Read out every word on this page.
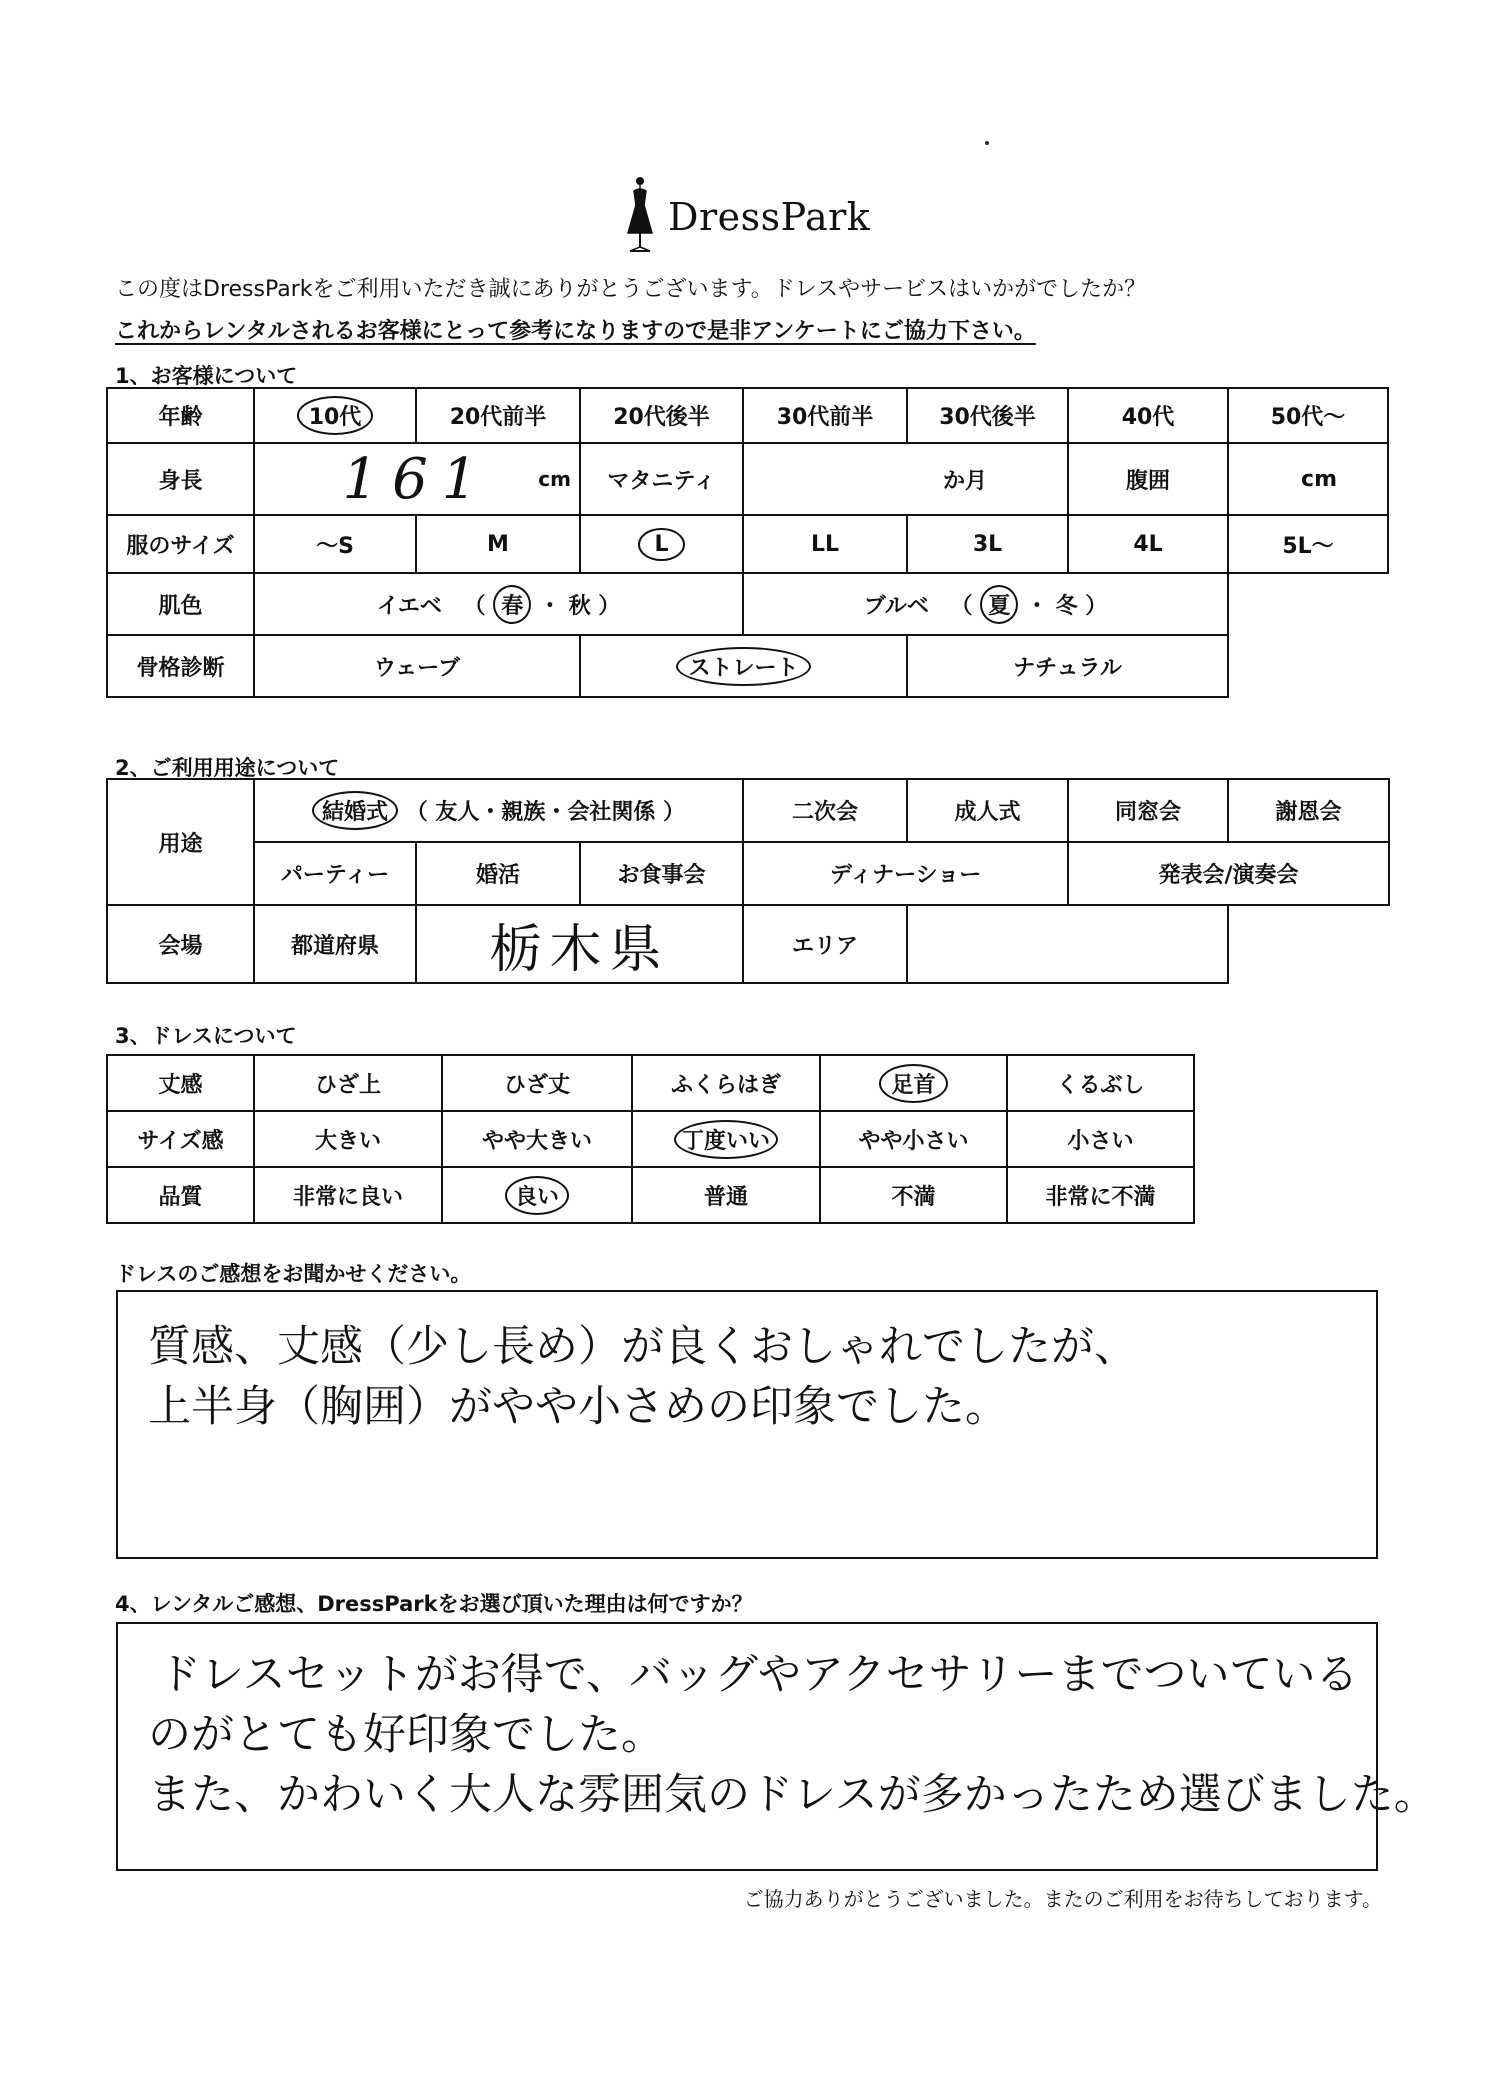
DressPark
この度はDressParkをご利用いただき誠にありがとうございます。ドレスやサービスはいかがでしたか？
これからレンタルされるお客様にとって参考になりますので是非アンケートにご協力下さい。
1、お客様について
年齢	10代	20代前半	20代後半	30代前半	30代後半	40代	50代～
身長	161 cm		マタニティ	か月		腹囲	cm
服のサイズ	～S	M	L	LL	3L	4L	5L～
肌色	イエベ （ 春 ・ 秋 ）			ブルベ （ 夏 ・ 冬 ）			
骨格診断	ウェーブ		ストレート		ナチュラル		
2、ご利用用途について
用途	結婚式 （ 友人・親族・会社関係 ）			二次会	成人式	同窓会	謝恩会
	パーティー	婚活	お食事会	ディナーショー		発表会/演奏会	
会場	都道府県	栃木県		エリア			
3、ドレスについて
丈感	ひざ上	ひざ丈	ふくらはぎ	足首	くるぶし
サイズ感	大きい	やや大きい	丁度いい	やや小さい	小さい
品質	非常に良い	良い	普通	不満	非常に不満
ドレスのご感想をお聞かせください。
質感、丈感（少し長め）が良くおしゃれでしたが、
上半身（胸囲）がやや小さめの印象でした。
4、レンタルご感想、DressParkをお選び頂いた理由は何ですか？
ドレスセットがお得で、バッグやアクセサリーまでついている
のがとても好印象でした。
また、かわいく大人な雰囲気のドレスが多かったため選びました。
ご協力ありがとうございました。またのご利用をお待ちしております。
